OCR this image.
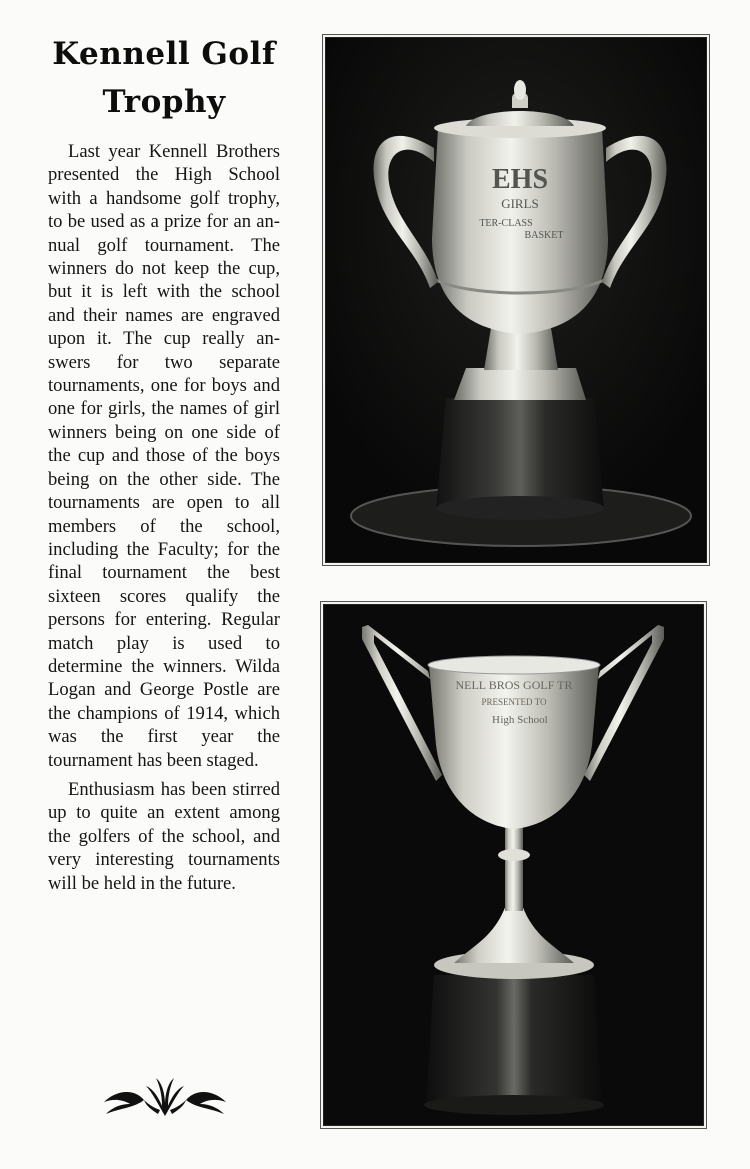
Kennell Golf
Trophy

Last year Kennell Brothers presented the High School with a handsome golf trophy, to be used as a prize for an annual golf tournament. The winners do not keep the cup, but it is left with the school and their names are engraved upon it. The cup really answers for two separate tournaments, one for boys and one for girls, the names of girl winners being on one side of the cup and those of the boys being on the other side. The tournaments are open to all members of the school, including the Faculty; for the final tournament the best sixteen scores qualify the persons for entering. Regular match play is used to determine the winners. Wilda Logan and George Postle are the champions of 1914, which was the first year the tournament has been staged.

Enthusiasm has been stirred up to quite an extent among the golfers of the school, and very interesting tournaments will be held in the future.

EHS
GIRLS
TER-CLASS
BASKET
NELL BROS GOLF TR
PRESENTED TO
H igh School
